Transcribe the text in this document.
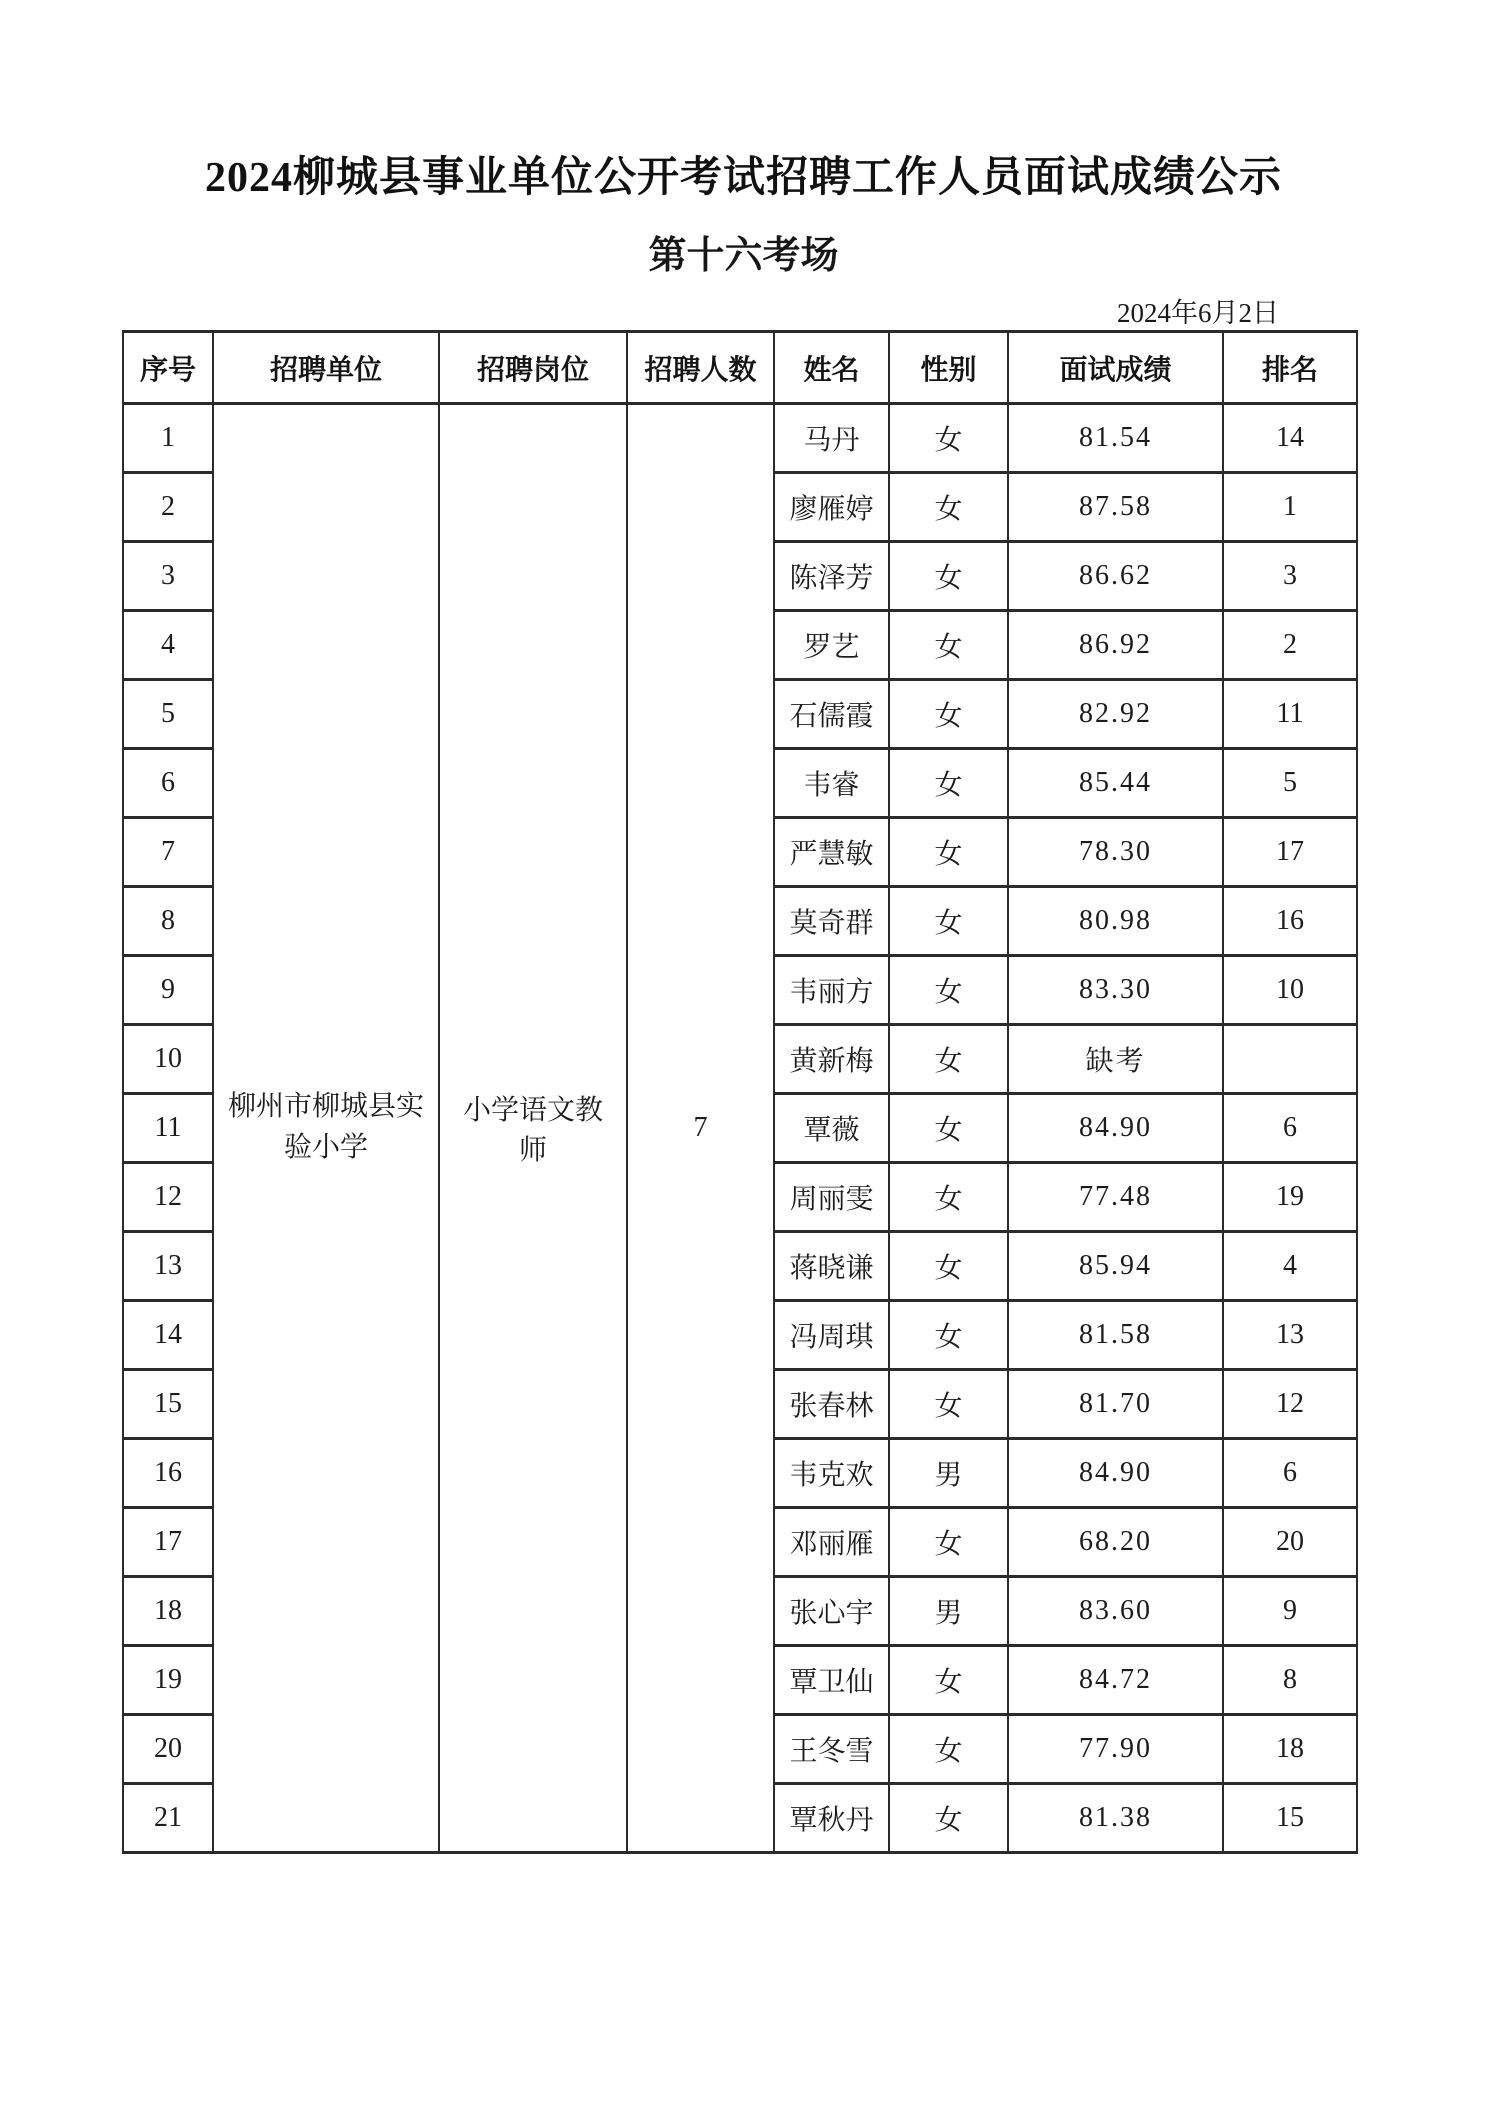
2024柳城县事业单位公开考试招聘工作人员面试成绩公示
第十六考场
2024年6月2日
序号	招聘单位	招聘岗位	招聘人数	姓名	性别	面试成绩	排名
1	柳州市柳城县实验小学	小学语文教师	7	马丹	女	81.54	14
2				廖雁婷	女	87.58	1
3				陈泽芳	女	86.62	3
4				罗艺	女	86.92	2
5				石儒霞	女	82.92	11
6				韦睿	女	85.44	5
7				严慧敏	女	78.30	17
8				莫奇群	女	80.98	16
9				韦丽方	女	83.30	10
10				黄新梅	女	缺考	
11				覃薇	女	84.90	6
12				周丽雯	女	77.48	19
13				蒋晓谦	女	85.94	4
14				冯周琪	女	81.58	13
15				张春林	女	81.70	12
16				韦克欢	男	84.90	6
17				邓丽雁	女	68.20	20
18				张心宇	男	83.60	9
19				覃卫仙	女	84.72	8
20				王冬雪	女	77.90	18
21				覃秋丹	女	81.38	15
